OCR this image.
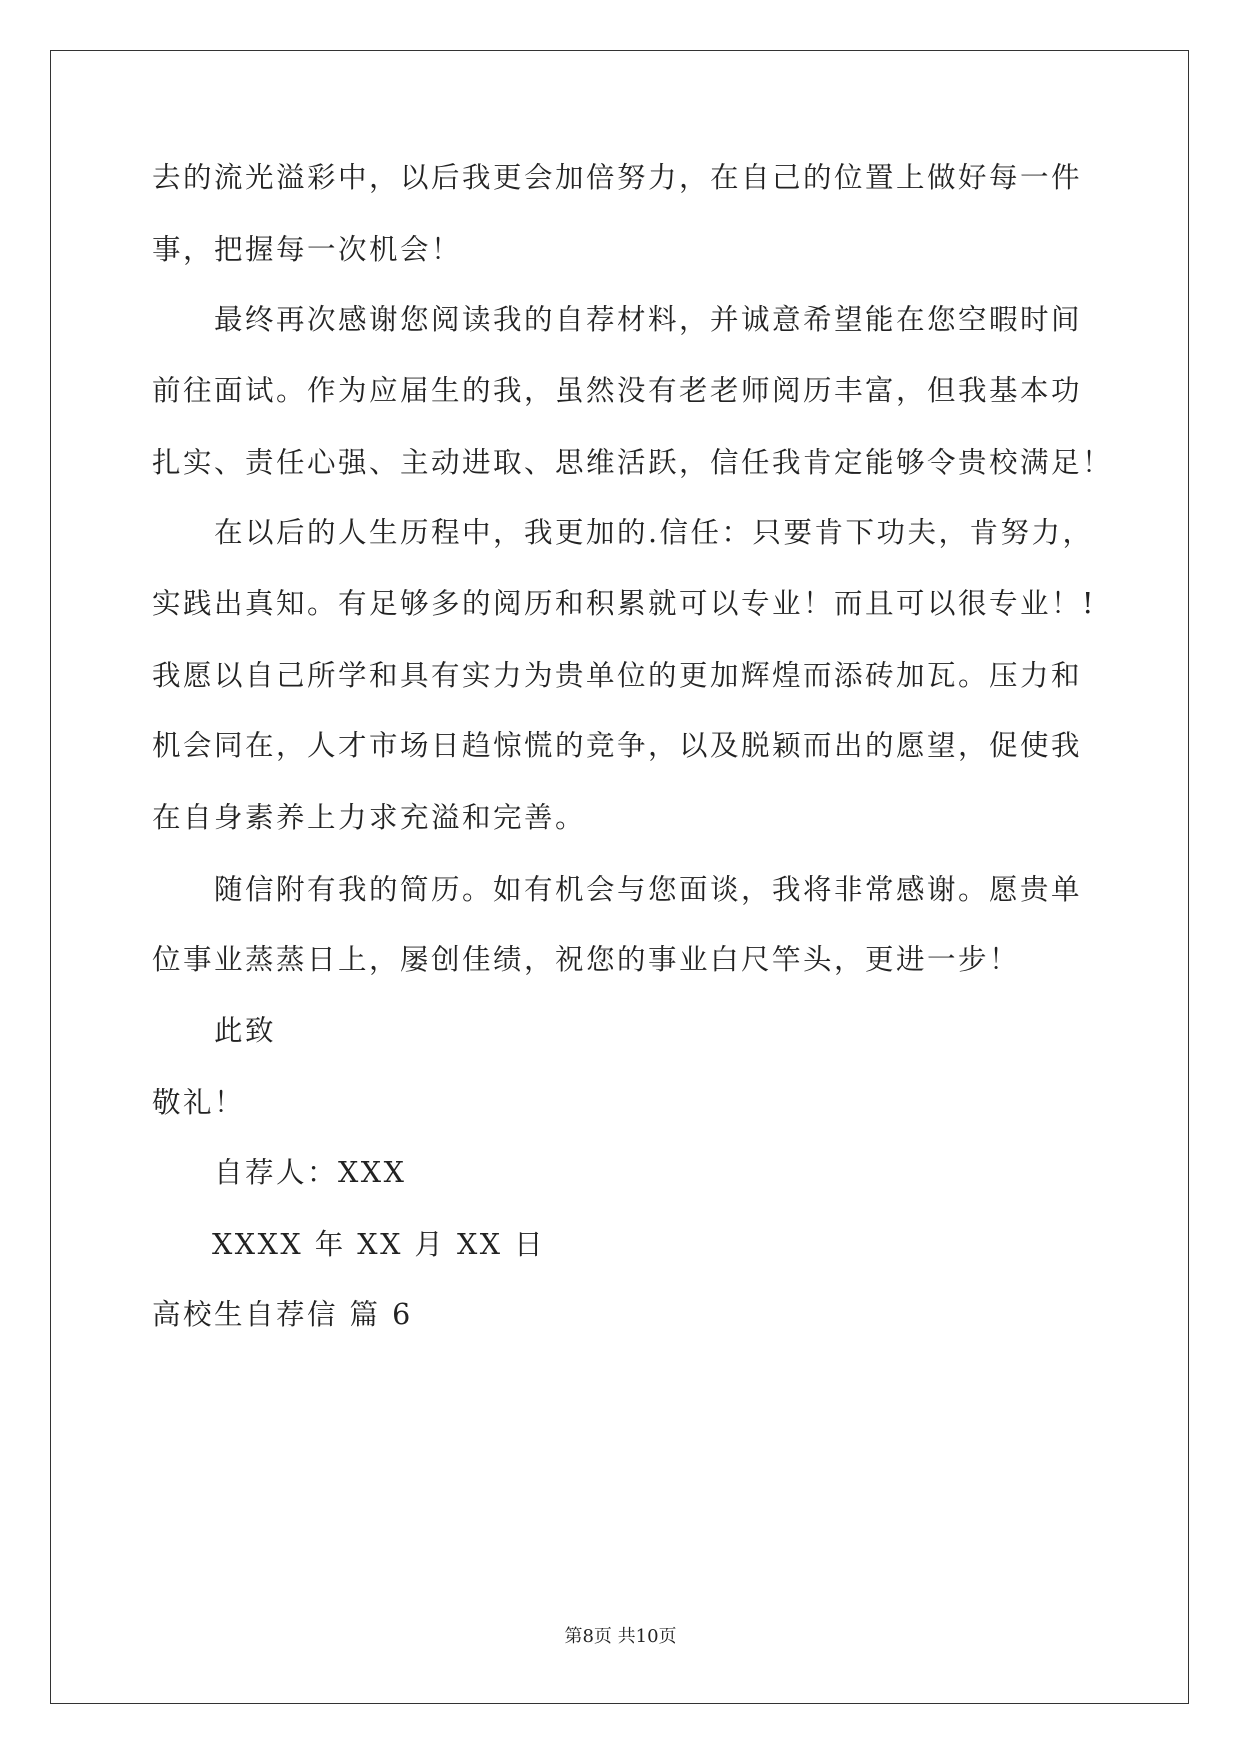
去的流光溢彩中，以后我更会加倍努力，在自己的位置上做好每一件
事，把握每一次机会！
最终再次感谢您阅读我的自荐材料，并诚意希望能在您空暇时间
前往面试。作为应届生的我，虽然没有老老师阅历丰富，但我基本功
扎实、责任心强、主动进取、思维活跃，信任我肯定能够令贵校满足！
在以后的人生历程中，我更加的.信任：只要肯下功夫，肯努力，
实践出真知。有足够多的阅历和积累就可以专业！而且可以很专业！!
我愿以自己所学和具有实力为贵单位的更加辉煌而添砖加瓦。压力和
机会同在，人才市场日趋惊慌的竞争，以及脱颖而出的愿望，促使我
在自身素养上力求充溢和完善。
随信附有我的简历。如有机会与您面谈，我将非常感谢。愿贵单
位事业蒸蒸日上，屡创佳绩，祝您的事业白尺竿头，更进一步！
此致
敬礼！
自荐人：XXX
XXXX 年 XX 月 XX 日
高校生自荐信 篇 6
第8页 共10页
